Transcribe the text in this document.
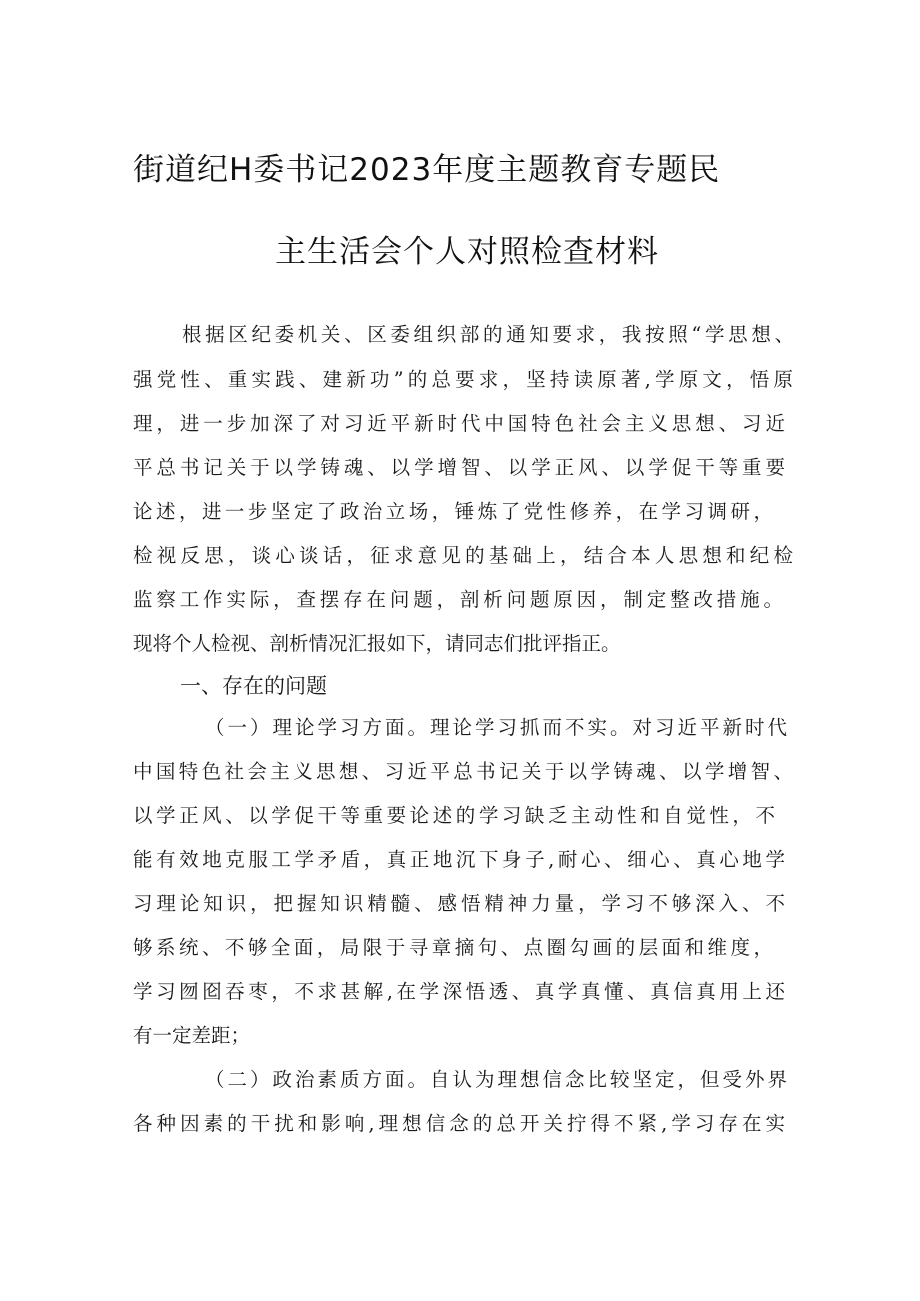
街道纪H委书记2023年度主题教育专题民
主生活会个人对照检查材料
根据区纪委机关、区委组织部的通知要求，我按照“学思想、
强党性、重实践、建新功”的总要求，坚持读原著,学原文，悟原
理，进一步加深了对习近平新时代中国特色社会主义思想、习近
平总书记关于以学铸魂、以学增智、以学正风、以学促干等重要
论述，进一步坚定了政治立场，锤炼了党性修养，在学习调研，
检视反思，谈心谈话，征求意见的基础上，结合本人思想和纪检
监察工作实际，查摆存在问题，剖析问题原因，制定整改措施。
现将个人检视、剖析情况汇报如下，请同志们批评指正。
一、存在的问题
（一）理论学习方面。理论学习抓而不实。对习近平新时代
中国特色社会主义思想、习近平总书记关于以学铸魂、以学增智、
以学正风、以学促干等重要论述的学习缺乏主动性和自觉性，不
能有效地克服工学矛盾，真正地沉下身子,耐心、细心、真心地学
习理论知识，把握知识精髓、感悟精神力量，学习不够深入、不
够系统、不够全面，局限于寻章摘句、点圈勾画的层面和维度，
学习囫囵吞枣，不求甚解,在学深悟透、真学真懂、真信真用上还
有一定差距；
（二）政治素质方面。自认为理想信念比较坚定，但受外界
各种因素的干扰和影响,理想信念的总开关拧得不紧,学习存在实
